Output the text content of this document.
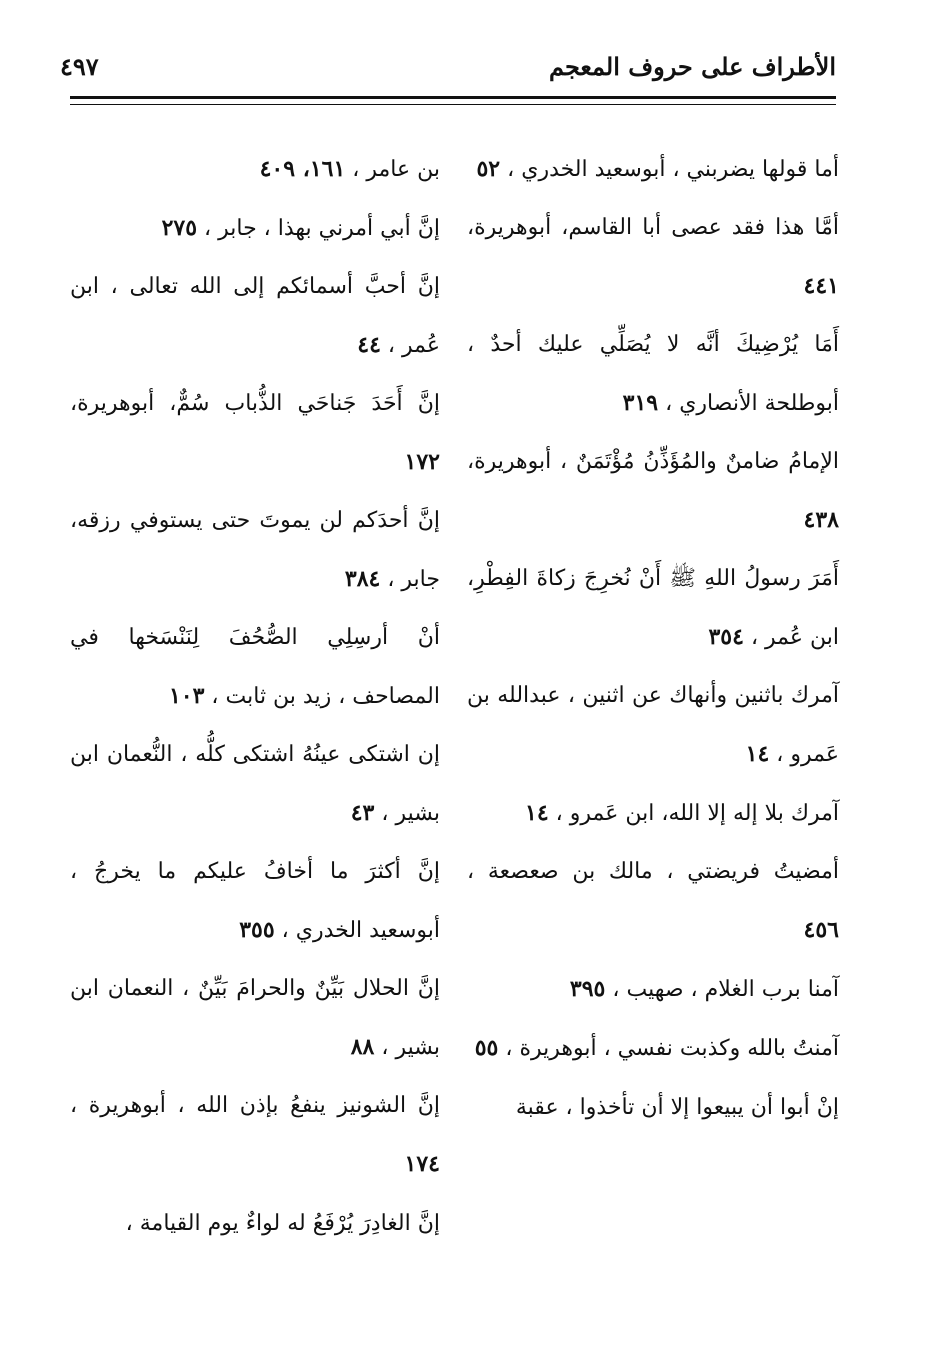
الأطراف على حروف المعجم
٤٩٧
أما قولها يضربني ، أبوسعيد الخدري ، ٥٢
أمَّا هذا فقد عصى أبا القاسم، أبوهريرة، ٤٤١
أَمَا يُرْضِيكَ أنَّه لا يُصَلِّي عليك أحدٌ ، أبوطلحة الأنصاري ، ٣١٩
الإمامُ ضامنٌ والمُؤَذِّنُ مُؤْتَمَنٌ ، أبوهريرة، ٤٣٨
أَمَرَ رسولُ اللهِ ﷺ أَنْ نُخرِجَ زكاةَ الفِطْرِ، ابن عُمر ، ٣٥٤
آمرك باثنين وأنهاك عن اثنين ، عبدالله بن عَمرو ، ١٤
آمرك بلا إله إلا الله، ابن عَمرو ، ١٤
أمضيتُ فريضتي ، مالك بن صعصعة ، ٤٥٦
آمنا برب الغلام ، صهيب ، ٣٩٥
آمنتُ بالله وكذبت نفسي ، أبوهريرة ، ٥٥
إنْ أبوا أن يبيعوا إلا أن تأخذوا ، عقبة
بن عامر ، ١٦١، ٤٠٩
إنَّ أبي أمرني بهذا ، جابر ، ٢٧٥
إنَّ أحبَّ أسمائكم إلى الله تعالى ، ابن عُمر ، ٤٤
إنَّ أَحَدَ جَناحَي الذُّباب سُمٌّ، أبوهريرة، ١٧٢
إنَّ أحدَكم لن يموتَ حتى يستوفي رزقه، جابر ، ٣٨٤
أنْ أرسِلِي الصُّحُفَ لِنَنْسَخها في المصاحف ، زيد بن ثابت ، ١٠٣
إن اشتكى عينُهُ اشتكى كلُّه ، النُّعمان ابن بشير ، ٤٣
إنَّ أكثرَ ما أخافُ عليكم ما يخرجُ ، أبوسعيد الخدري ، ٣٥٥
إنَّ الحلال بَيِّنٌ والحرامَ بَيِّنٌ ، النعمان ابن بشير ، ٨٨
إنَّ الشونيز ينفعُ بإذن الله ، أبوهريرة ، ١٧٤
إنَّ الغادِرَ يُرْفَعُ له لواءٌ يوم القيامة ،
